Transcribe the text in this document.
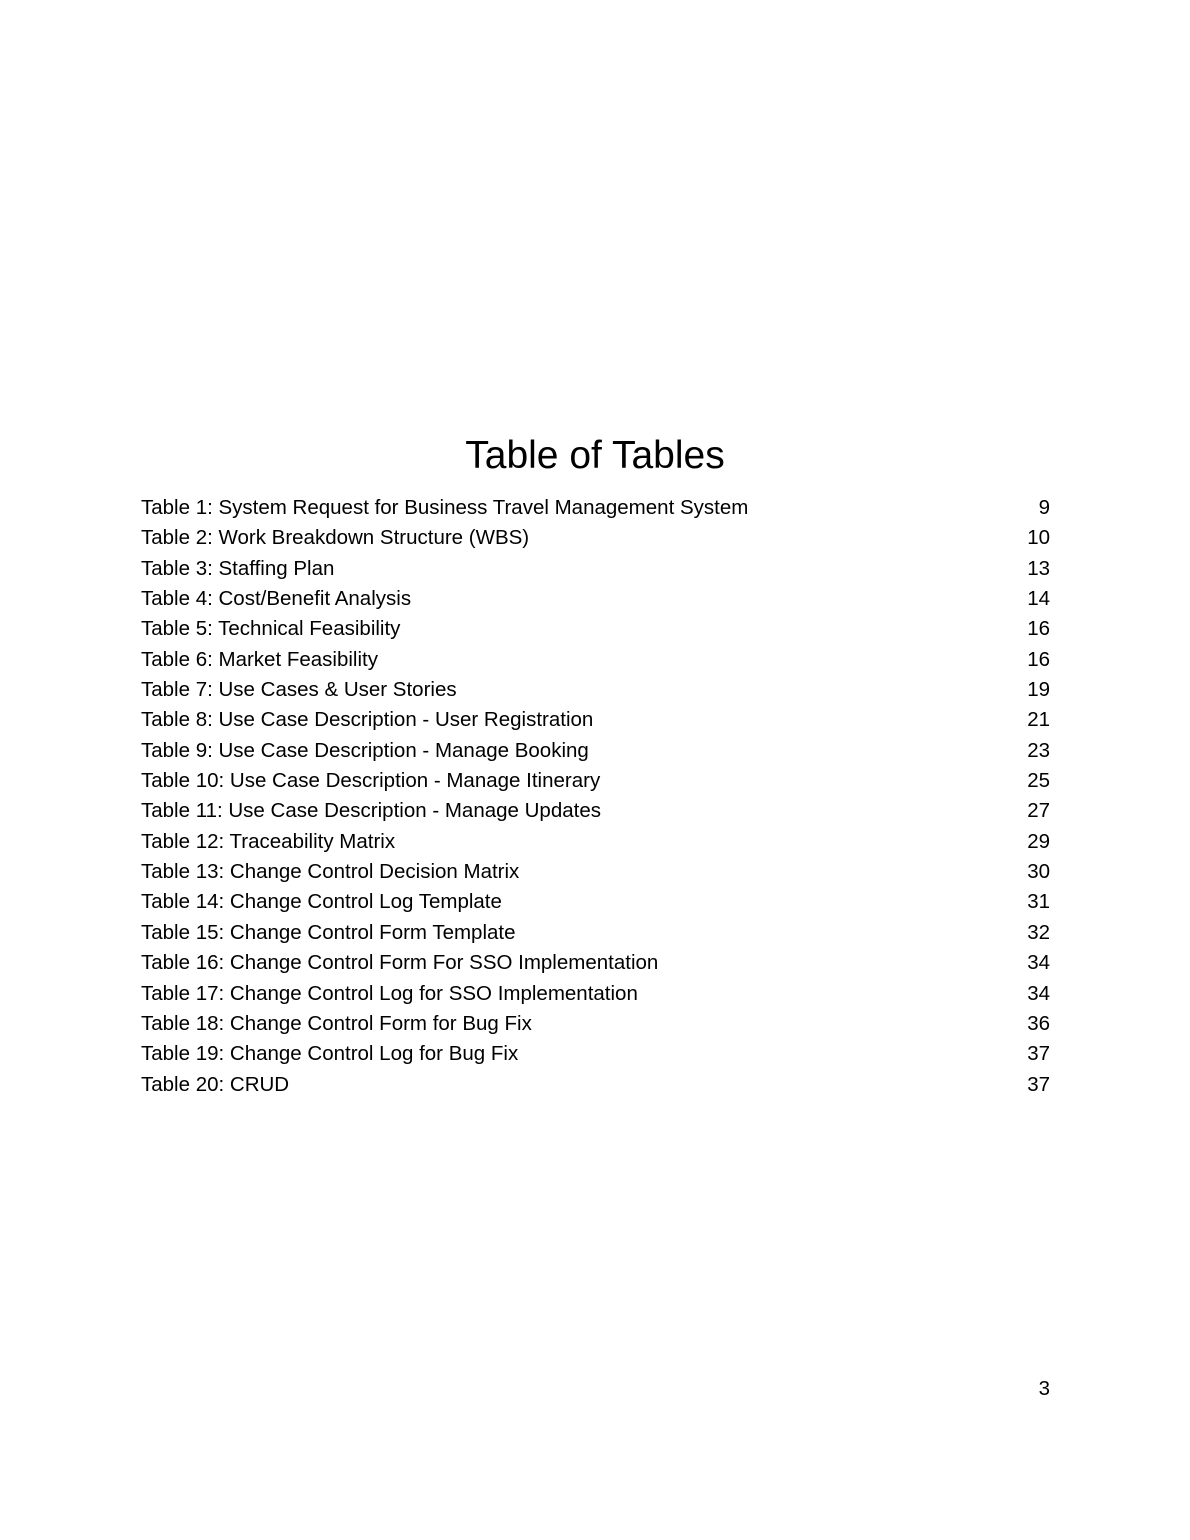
Table of Tables
Table 1: System Request for Business Travel Management System	9
Table 2: Work Breakdown Structure (WBS)	10
Table 3: Staffing Plan	13
Table 4: Cost/Benefit Analysis	14
Table 5: Technical Feasibility	16
Table 6: Market Feasibility	16
Table 7: Use Cases & User Stories	19
Table 8: Use Case Description - User Registration	21
Table 9: Use Case Description - Manage Booking	23
Table 10: Use Case Description - Manage Itinerary	25
Table 11: Use Case Description - Manage Updates	27
Table 12: Traceability Matrix	29
Table 13: Change Control Decision Matrix	30
Table 14: Change Control Log Template	31
Table 15: Change Control Form Template	32
Table 16: Change Control Form For SSO Implementation	34
Table 17: Change Control Log for SSO Implementation	34
Table 18: Change Control Form for Bug Fix	36
Table 19: Change Control Log for Bug Fix	37
Table 20: CRUD	37
3
